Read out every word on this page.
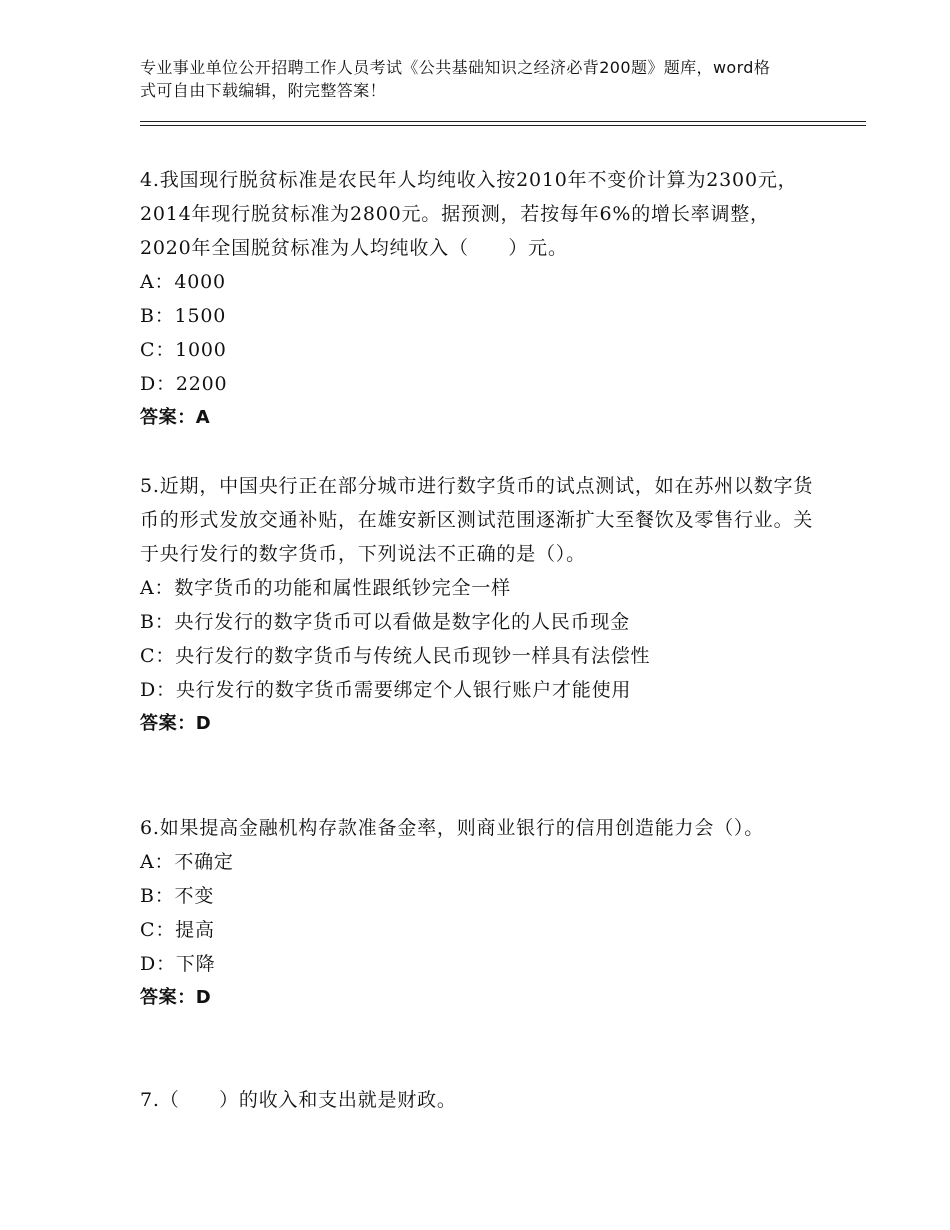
专业事业单位公开招聘工作人员考试《公共基础知识之经济必背200题》题库，word格式可自由下载编辑，附完整答案！

4.我国现行脱贫标准是农民年人均纯收入按2010年不变价计算为2300元，2014年现行脱贫标准为2800元。据预测，若按每年6%的增长率调整，2020年全国脱贫标准为人均纯收入（　　）元。

A：4000

B：1500

C：1000

D：2200

答案：A

5.近期，中国央行正在部分城市进行数字货币的试点测试，如在苏州以数字货币的形式发放交通补贴，在雄安新区测试范围逐渐扩大至餐饮及零售行业。关于央行发行的数字货币，下列说法不正确的是（）。

A：数字货币的功能和属性跟纸钞完全一样

B：央行发行的数字货币可以看做是数字化的人民币现金

C：央行发行的数字货币与传统人民币现钞一样具有法偿性

D：央行发行的数字货币需要绑定个人银行账户才能使用

答案：D

6.如果提高金融机构存款准备金率，则商业银行的信用创造能力会（）。

A：不确定

B：不变

C：提高

D：下降

答案：D

7.（　　）的收入和支出就是财政。
